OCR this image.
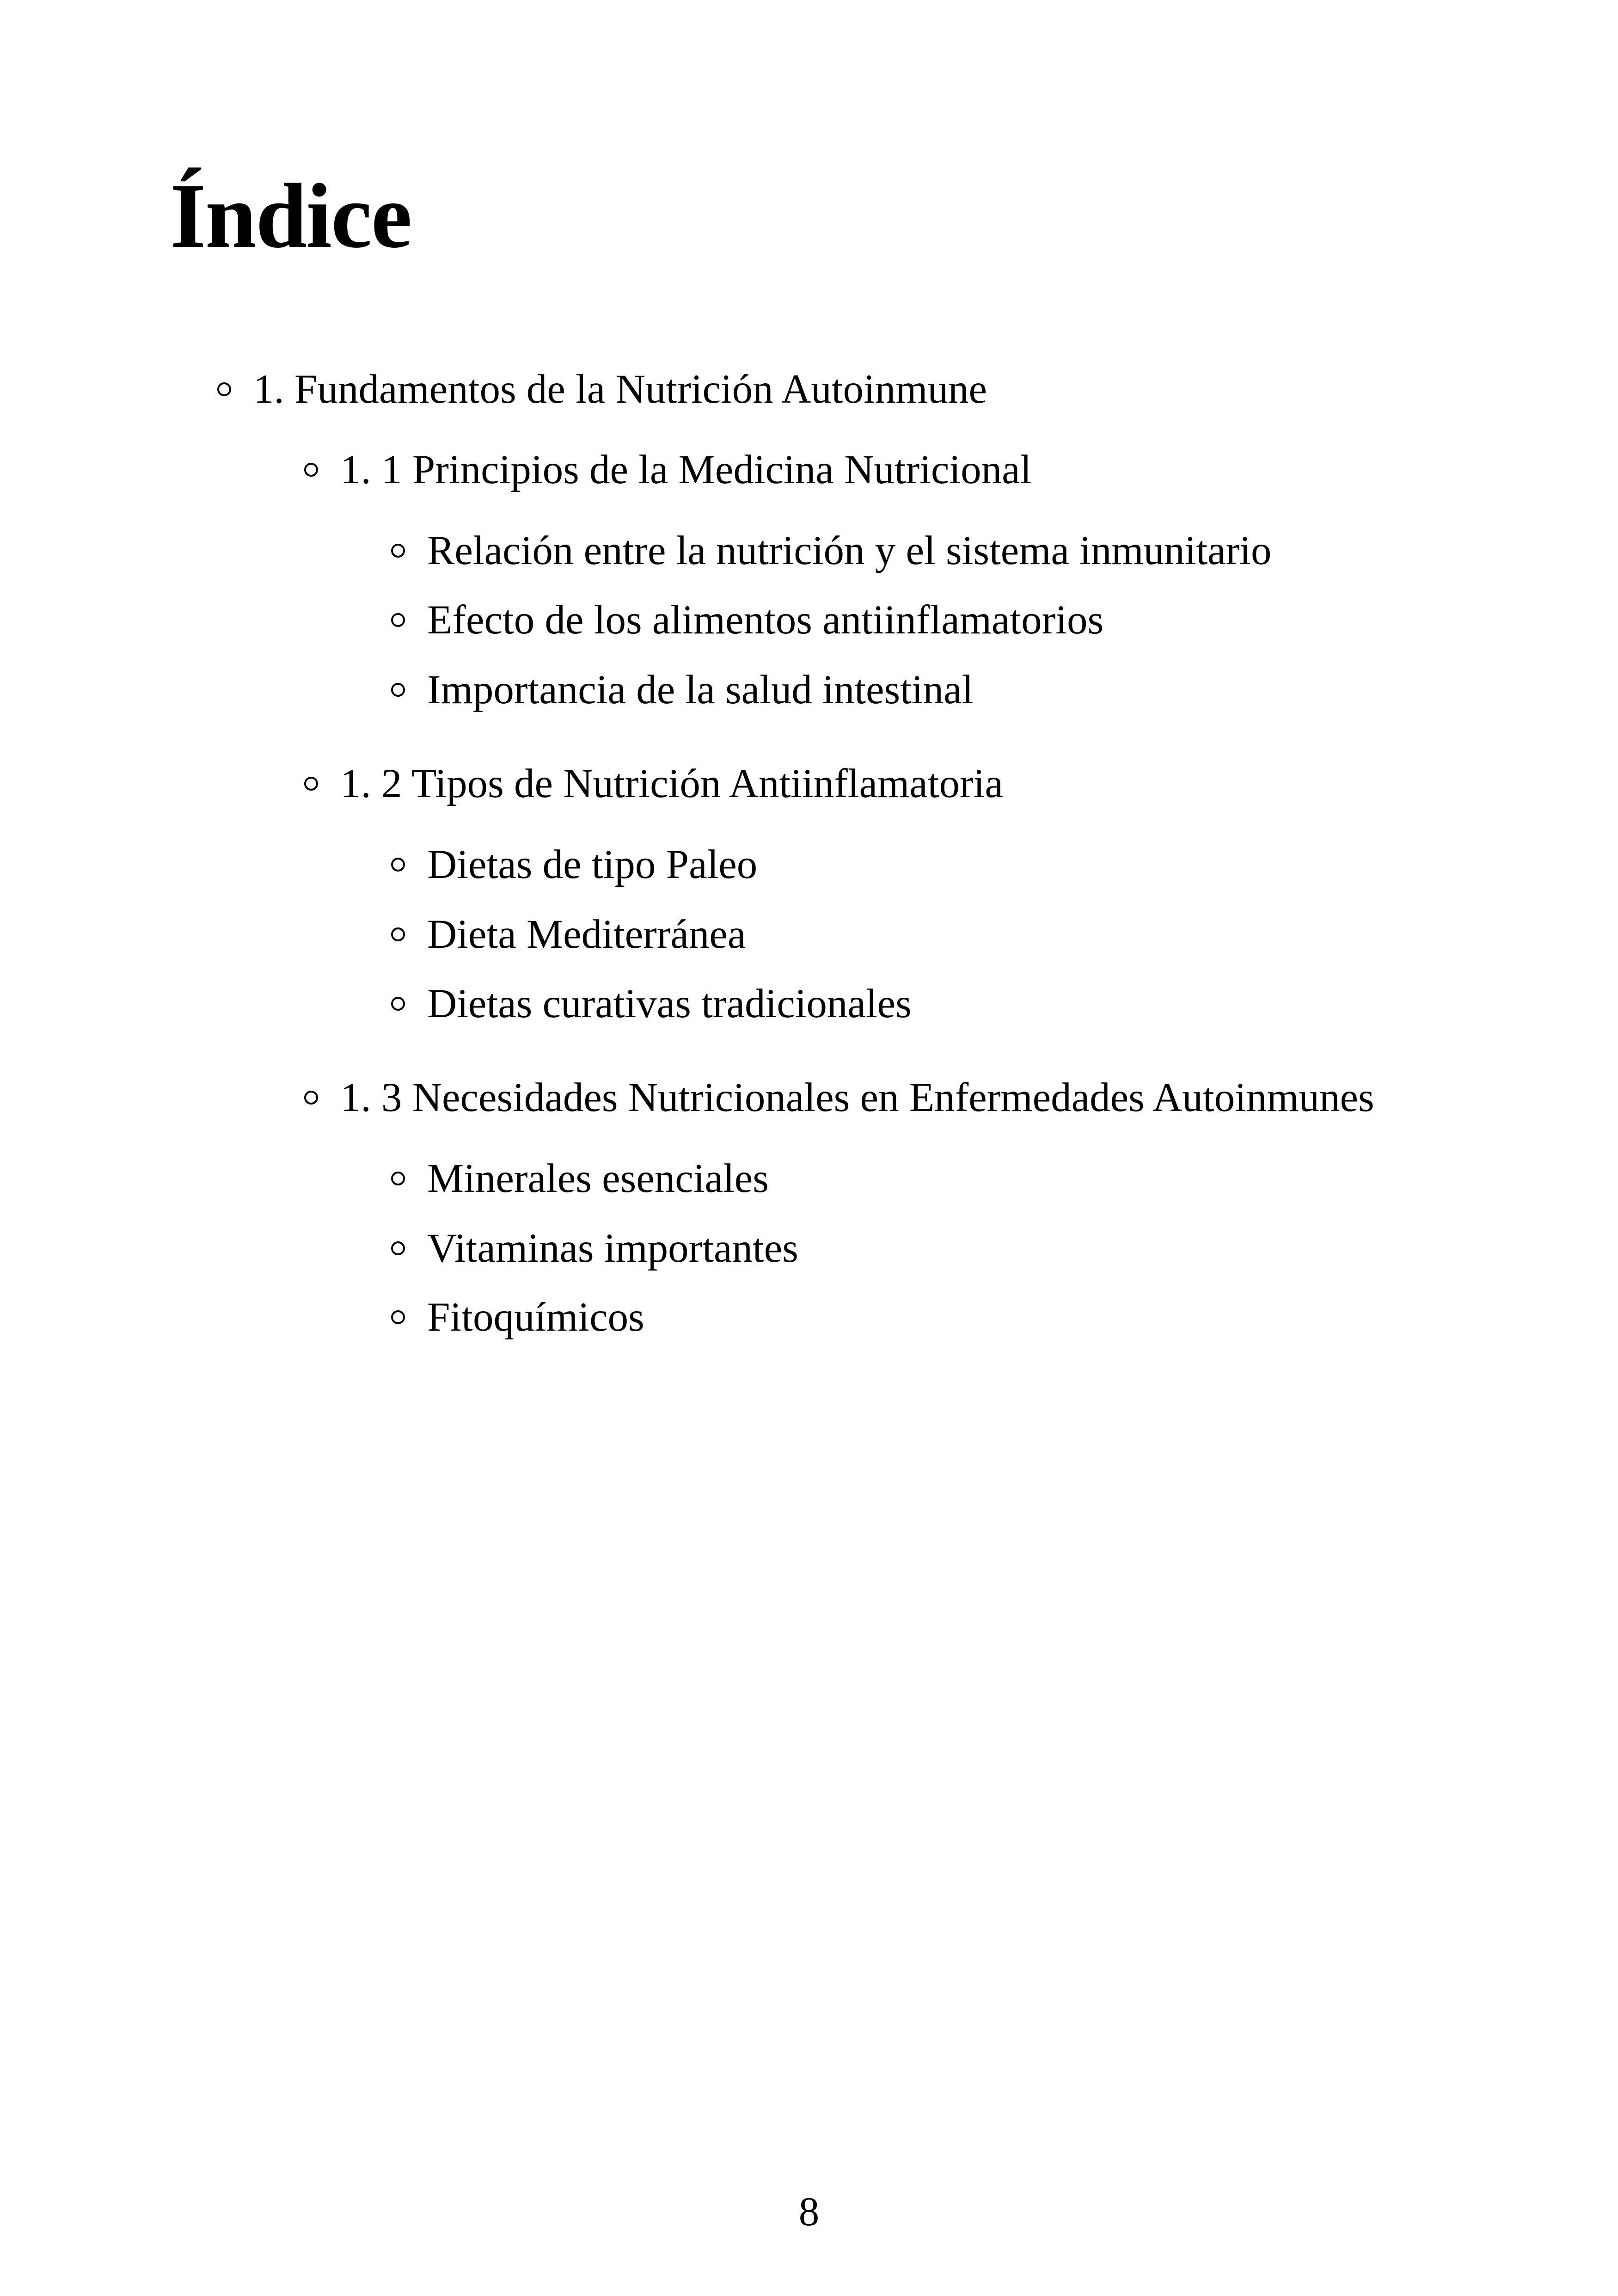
Índice
1. Fundamentos de la Nutrición Autoinmune
1. 1 Principios de la Medicina Nutricional
Relación entre la nutrición y el sistema inmunitario
Efecto de los alimentos antiinflamatorios
Importancia de la salud intestinal
1. 2 Tipos de Nutrición Antiinflamatoria
Dietas de tipo Paleo
Dieta Mediterránea
Dietas curativas tradicionales
1. 3 Necesidades Nutricionales en Enfermedades Autoinmunes
Minerales esenciales
Vitaminas importantes
Fitoquímicos
8
